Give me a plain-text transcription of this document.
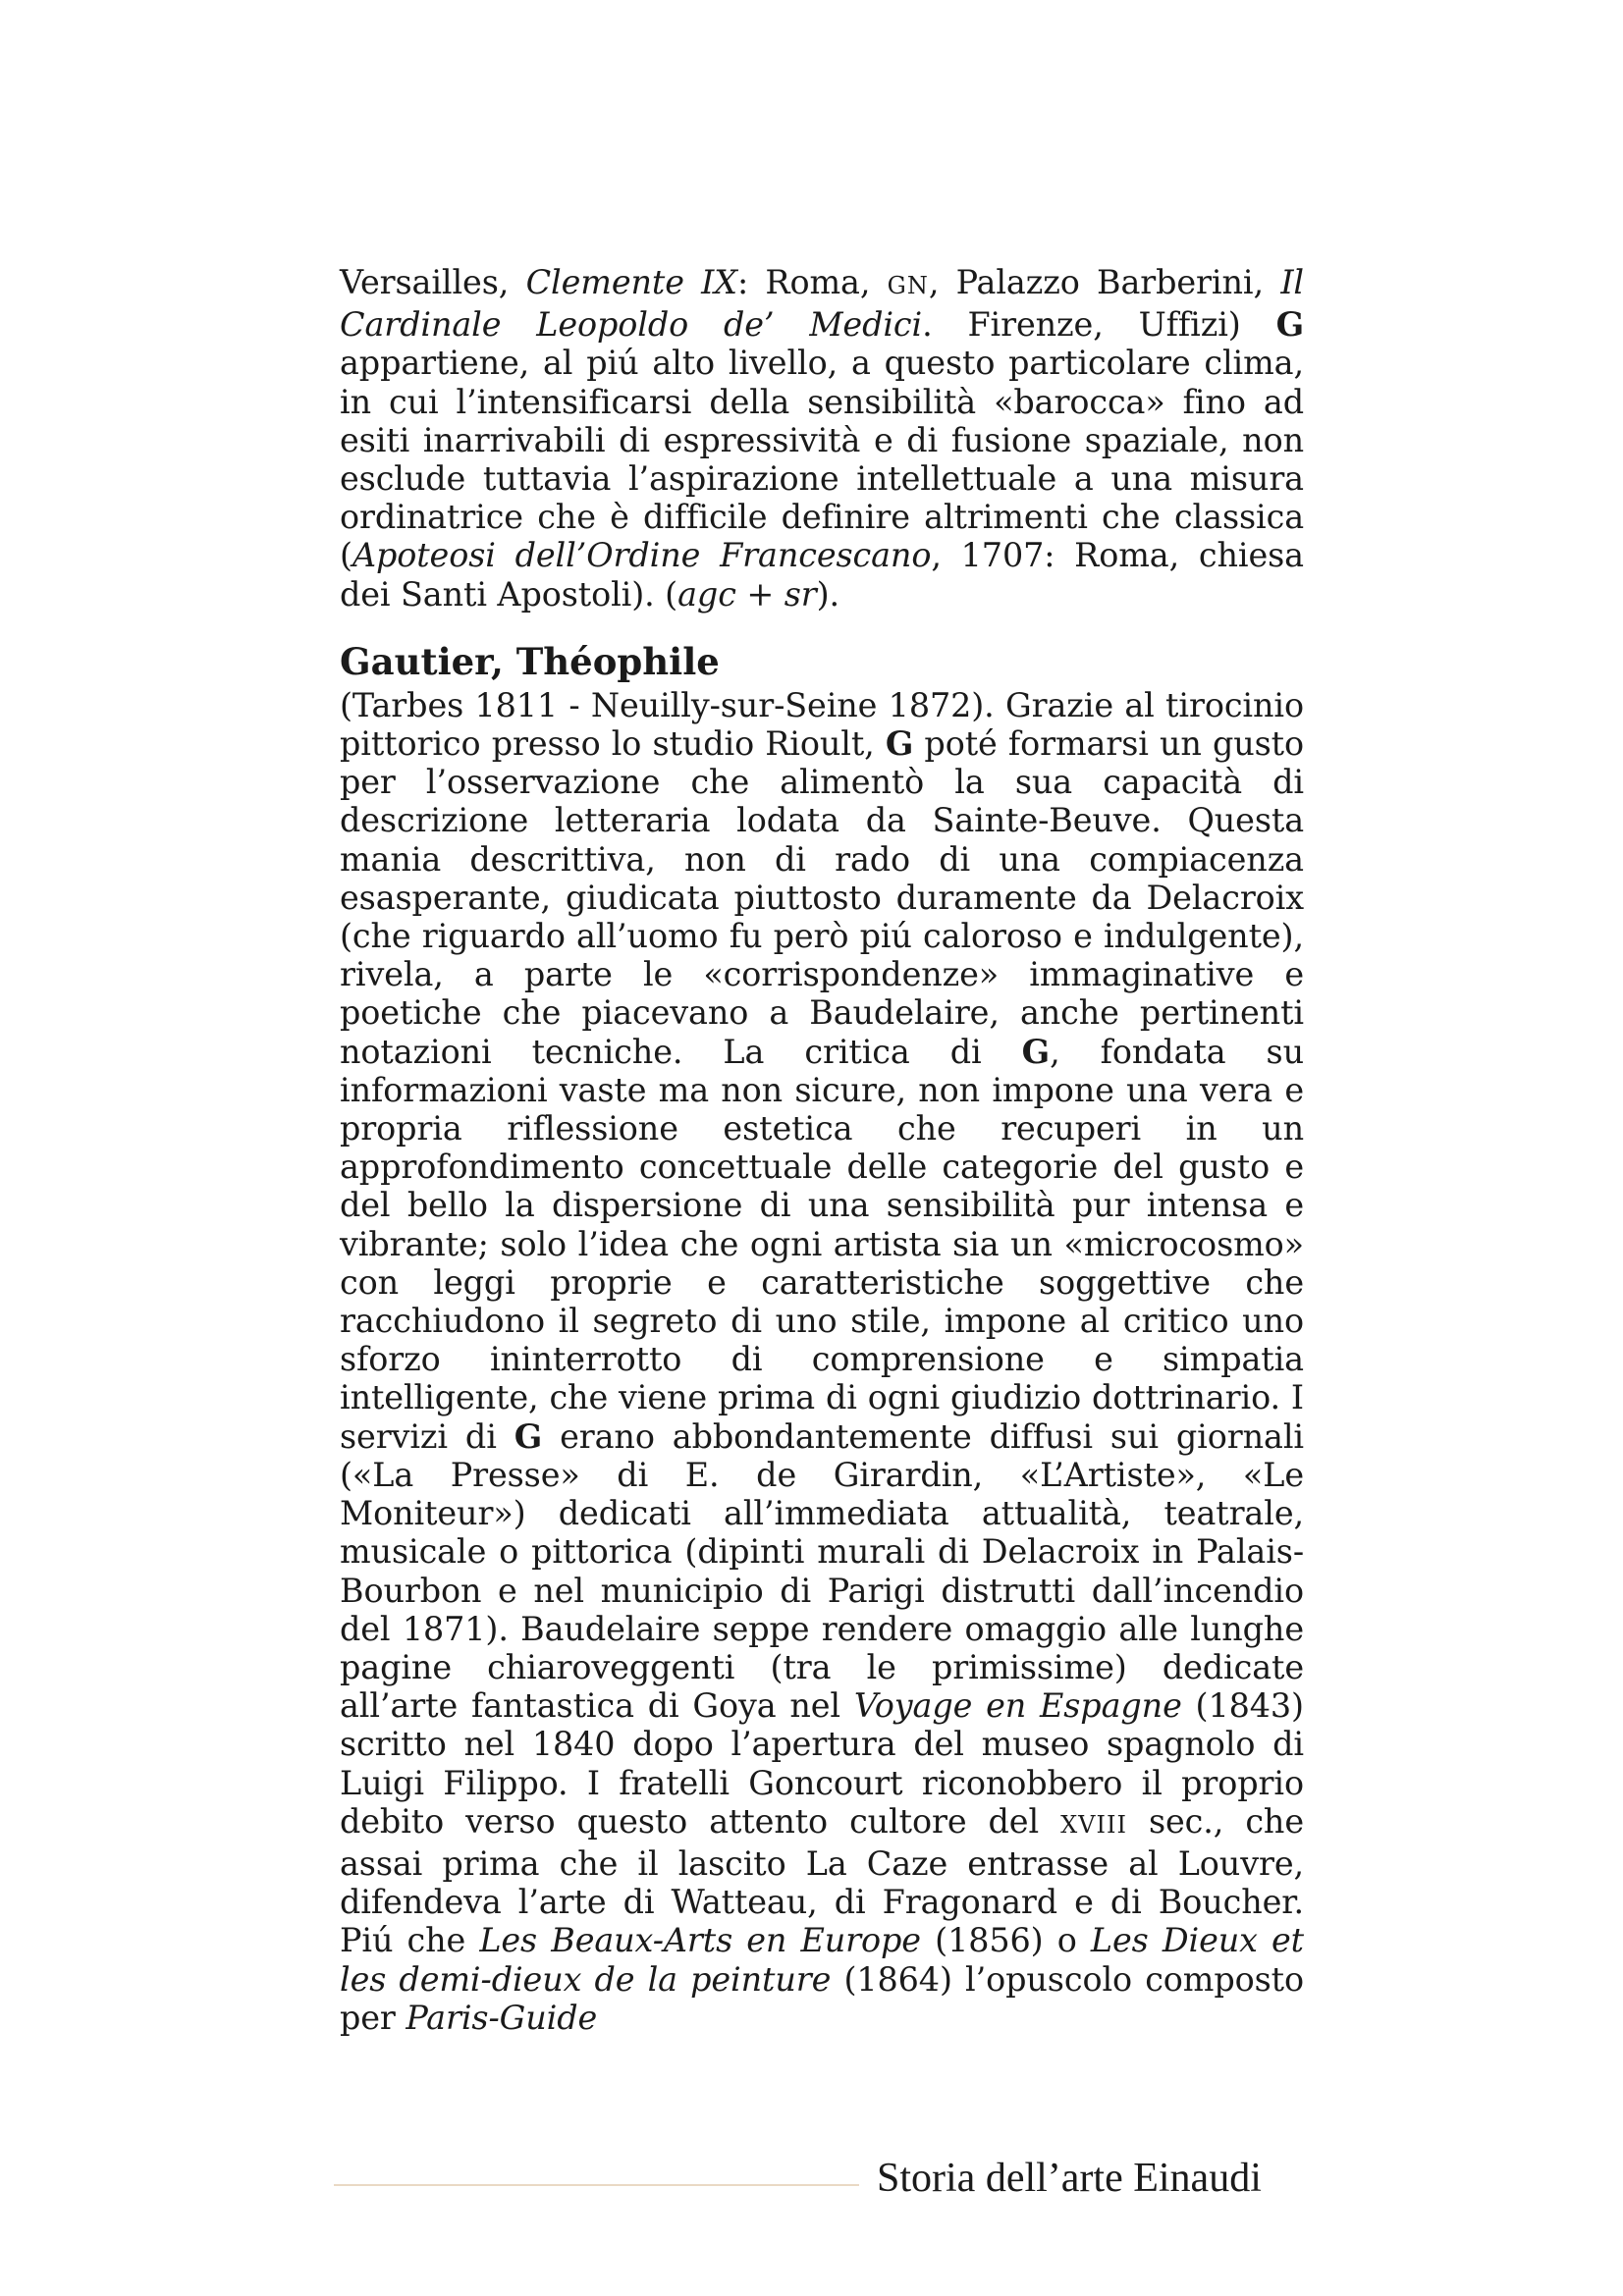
Versailles, Clemente IX: Roma, GN, Palazzo Barberini, Il Cardinale Leopoldo de’ Medici. Firenze, Uffizi) G appartiene, al piú alto livello, a questo particolare clima, in cui l’intensificarsi della sensibilità «barocca» fino ad esiti inarrivabili di espressività e di fusione spaziale, non esclude tuttavia l’aspirazione intellettuale a una misura ordinatrice che è difficile definire altrimenti che classica (Apoteosi dell’Ordine Francescano, 1707: Roma, chiesa dei Santi Apostoli). (agc + sr).

Gautier, Théophile

(Tarbes 1811 - Neuilly-sur-Seine 1872). Grazie al tirocinio pittorico presso lo studio Rioult, G poté formarsi un gusto per l’osservazione che alimentò la sua capacità di descrizione letteraria lodata da Sainte-Beuve. Questa mania descrittiva, non di rado di una compiacenza esasperante, giudicata piuttosto duramente da Delacroix (che riguardo all’uomo fu però piú caloroso e indulgente), rivela, a parte le «corrispondenze» immaginative e poetiche che piacevano a Baudelaire, anche pertinenti notazioni tecniche. La critica di G, fondata su informazioni vaste ma non sicure, non impone una vera e propria riflessione estetica che recuperi in un approfondimento concettuale delle categorie del gusto e del bello la dispersione di una sensibilità pur intensa e vibrante; solo l’idea che ogni artista sia un «microcosmo» con leggi proprie e caratteristiche soggettive che racchiudono il segreto di uno stile, impone al critico uno sforzo ininterrotto di comprensione e simpatia intelligente, che viene prima di ogni giudizio dottrinario. I servizi di G erano abbondantemente diffusi sui giornali («La Presse» di E. de Girardin, «L’Artiste», «Le Moniteur») dedicati all’immediata attualità, teatrale, musicale o pittorica (dipinti murali di Delacroix in Palais-Bourbon e nel municipio di Parigi distrutti dall’incendio del 1871). Baudelaire seppe rendere omaggio alle lunghe pagine chiaroveggenti (tra le primissime) dedicate all’arte fantastica di Goya nel Voyage en Espagne (1843) scritto nel 1840 dopo l’apertura del museo spagnolo di Luigi Filippo. I fratelli Goncourt riconobbero il proprio debito verso questo attento cultore del XVIII sec., che assai prima che il lascito La Caze entrasse al Louvre, difendeva l’arte di Watteau, di Fragonard e di Boucher. Piú che Les Beaux-Arts en Europe (1856) o Les Dieux et les demi-dieux de la peinture (1864) l’opuscolo composto per Paris-Guide

Storia dell’arte Einaudi
